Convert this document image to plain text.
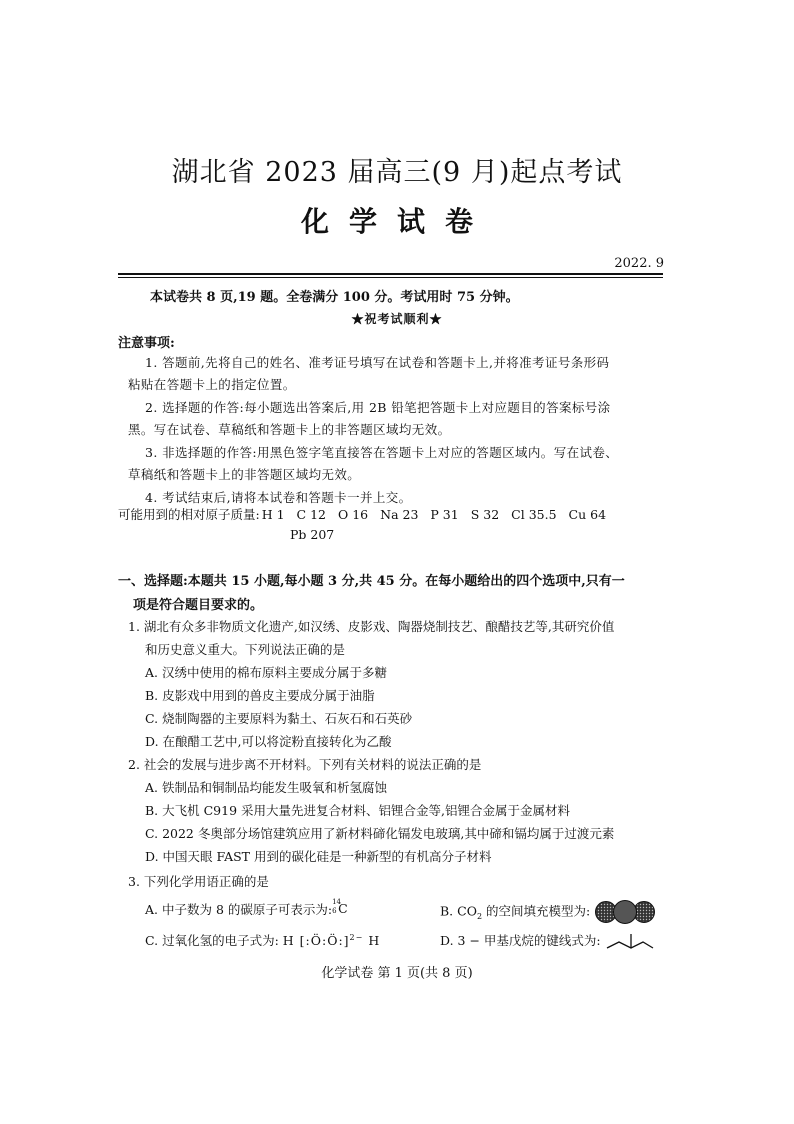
湖北省 2023 届高三(9 月)起点考试
化学试卷
2022. 9
本试卷共 8 页,19 题。全卷满分 100 分。考试用时 75 分钟。
★祝考试顺利★
注意事项:
1. 答题前,先将自己的姓名、准考证号填写在试卷和答题卡上,并将准考证号条形码
粘贴在答题卡上的指定位置。
2. 选择题的作答:每小题选出答案后,用 2B 铅笔把答题卡上对应题目的答案标号涂
黑。写在试卷、草稿纸和答题卡上的非答题区域均无效。
3. 非选择题的作答:用黑色签字笔直接答在答题卡上对应的答题区域内。写在试卷、
草稿纸和答题卡上的非答题区域均无效。
4. 考试结束后,请将本试卷和答题卡一并上交。
可能用到的相对原子质量: H 1 C 12 O 16 Na 23 P 31 S 32 Cl 35.5 Cu 64
Pb 207
一、选择题:本题共 15 小题,每小题 3 分,共 45 分。在每小题给出的四个选项中,只有一
项是符合题目要求的。
1. 湖北有众多非物质文化遗产,如汉绣、皮影戏、陶器烧制技艺、酿醋技艺等,其研究价值
和历史意义重大。下列说法正确的是
A. 汉绣中使用的棉布原料主要成分属于多糖
B. 皮影戏中用到的兽皮主要成分属于油脂
C. 烧制陶器的主要原料为黏土、石灰石和石英砂
D. 在酿醋工艺中,可以将淀粉直接转化为乙酸
2. 社会的发展与进步离不开材料。下列有关材料的说法正确的是
A. 铁制品和铜制品均能发生吸氧和析氢腐蚀
B. 大飞机 C919 采用大量先进复合材料、铝锂合金等,铝锂合金属于金属材料
C. 2022 冬奥部分场馆建筑应用了新材料碲化镉发电玻璃,其中碲和镉均属于过渡元素
D. 中国天眼 FAST 用到的碳化硅是一种新型的有机高分子材料
3. 下列化学用语正确的是
A. 中子数为 8 的碳原子可表示为: 14
6 C	B. $CO_2$ 的空间填充模型为:
C. 过氧化氢的电子式为: H [:Ö:Ö:]$^{2-}$ H	D. 3 − 甲基戊烷的键线式为:
化学试卷 第 1 页(共 8 页)
